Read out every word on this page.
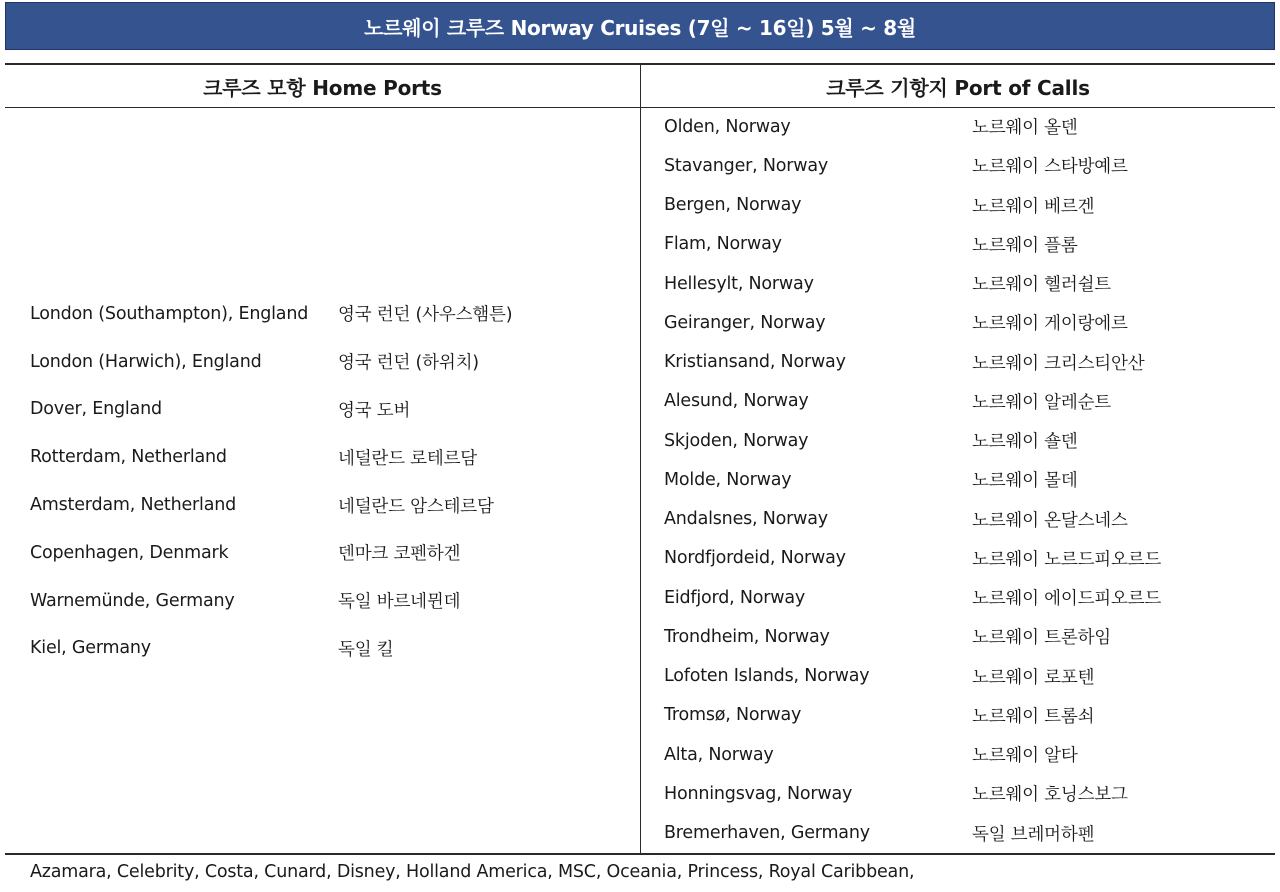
노르웨이 크루즈 Norway Cruises (7일 ~ 16일) 5월 ~ 8월
크루즈 모항 Home Ports	크루즈 기항지 Port of Calls
London (Southampton), England	영국 런던 (사우스햄튼)
London (Harwich), England	영국 런던 (하위치)
Dover, England	영국 도버
Rotterdam, Netherland	네덜란드 로테르담
Amsterdam, Netherland	네덜란드 암스테르담
Copenhagen, Denmark	덴마크 코펜하겐
Warnemünde, Germany	독일 바르네뮌데
Kiel, Germany	독일 킬
Olden, Norway	노르웨이 올덴
Stavanger, Norway	노르웨이 스타방예르
Bergen, Norway	노르웨이 베르겐
Flam, Norway	노르웨이 플롬
Hellesylt, Norway	노르웨이 헬러쉴트
Geiranger, Norway	노르웨이 게이랑에르
Kristiansand, Norway	노르웨이 크리스티안산
Alesund, Norway	노르웨이 알레순트
Skjoden, Norway	노르웨이 숄덴
Molde, Norway	노르웨이 몰데
Andalsnes, Norway	노르웨이 온달스네스
Nordfjordeid, Norway	노르웨이 노르드피오르드
Eidfjord, Norway	노르웨이 에이드피오르드
Trondheim, Norway	노르웨이 트론하임
Lofoten Islands, Norway	노르웨이 로포텐
Tromsø, Norway	노르웨이 트롬쇠
Alta, Norway	노르웨이 알타
Honningsvag, Norway	노르웨이 호닝스보그
Bremerhaven, Germany	독일 브레머하펜
Azamara, Celebrity, Costa, Cunard, Disney, Holland America, MSC, Oceania, Princess, Royal Caribbean,
